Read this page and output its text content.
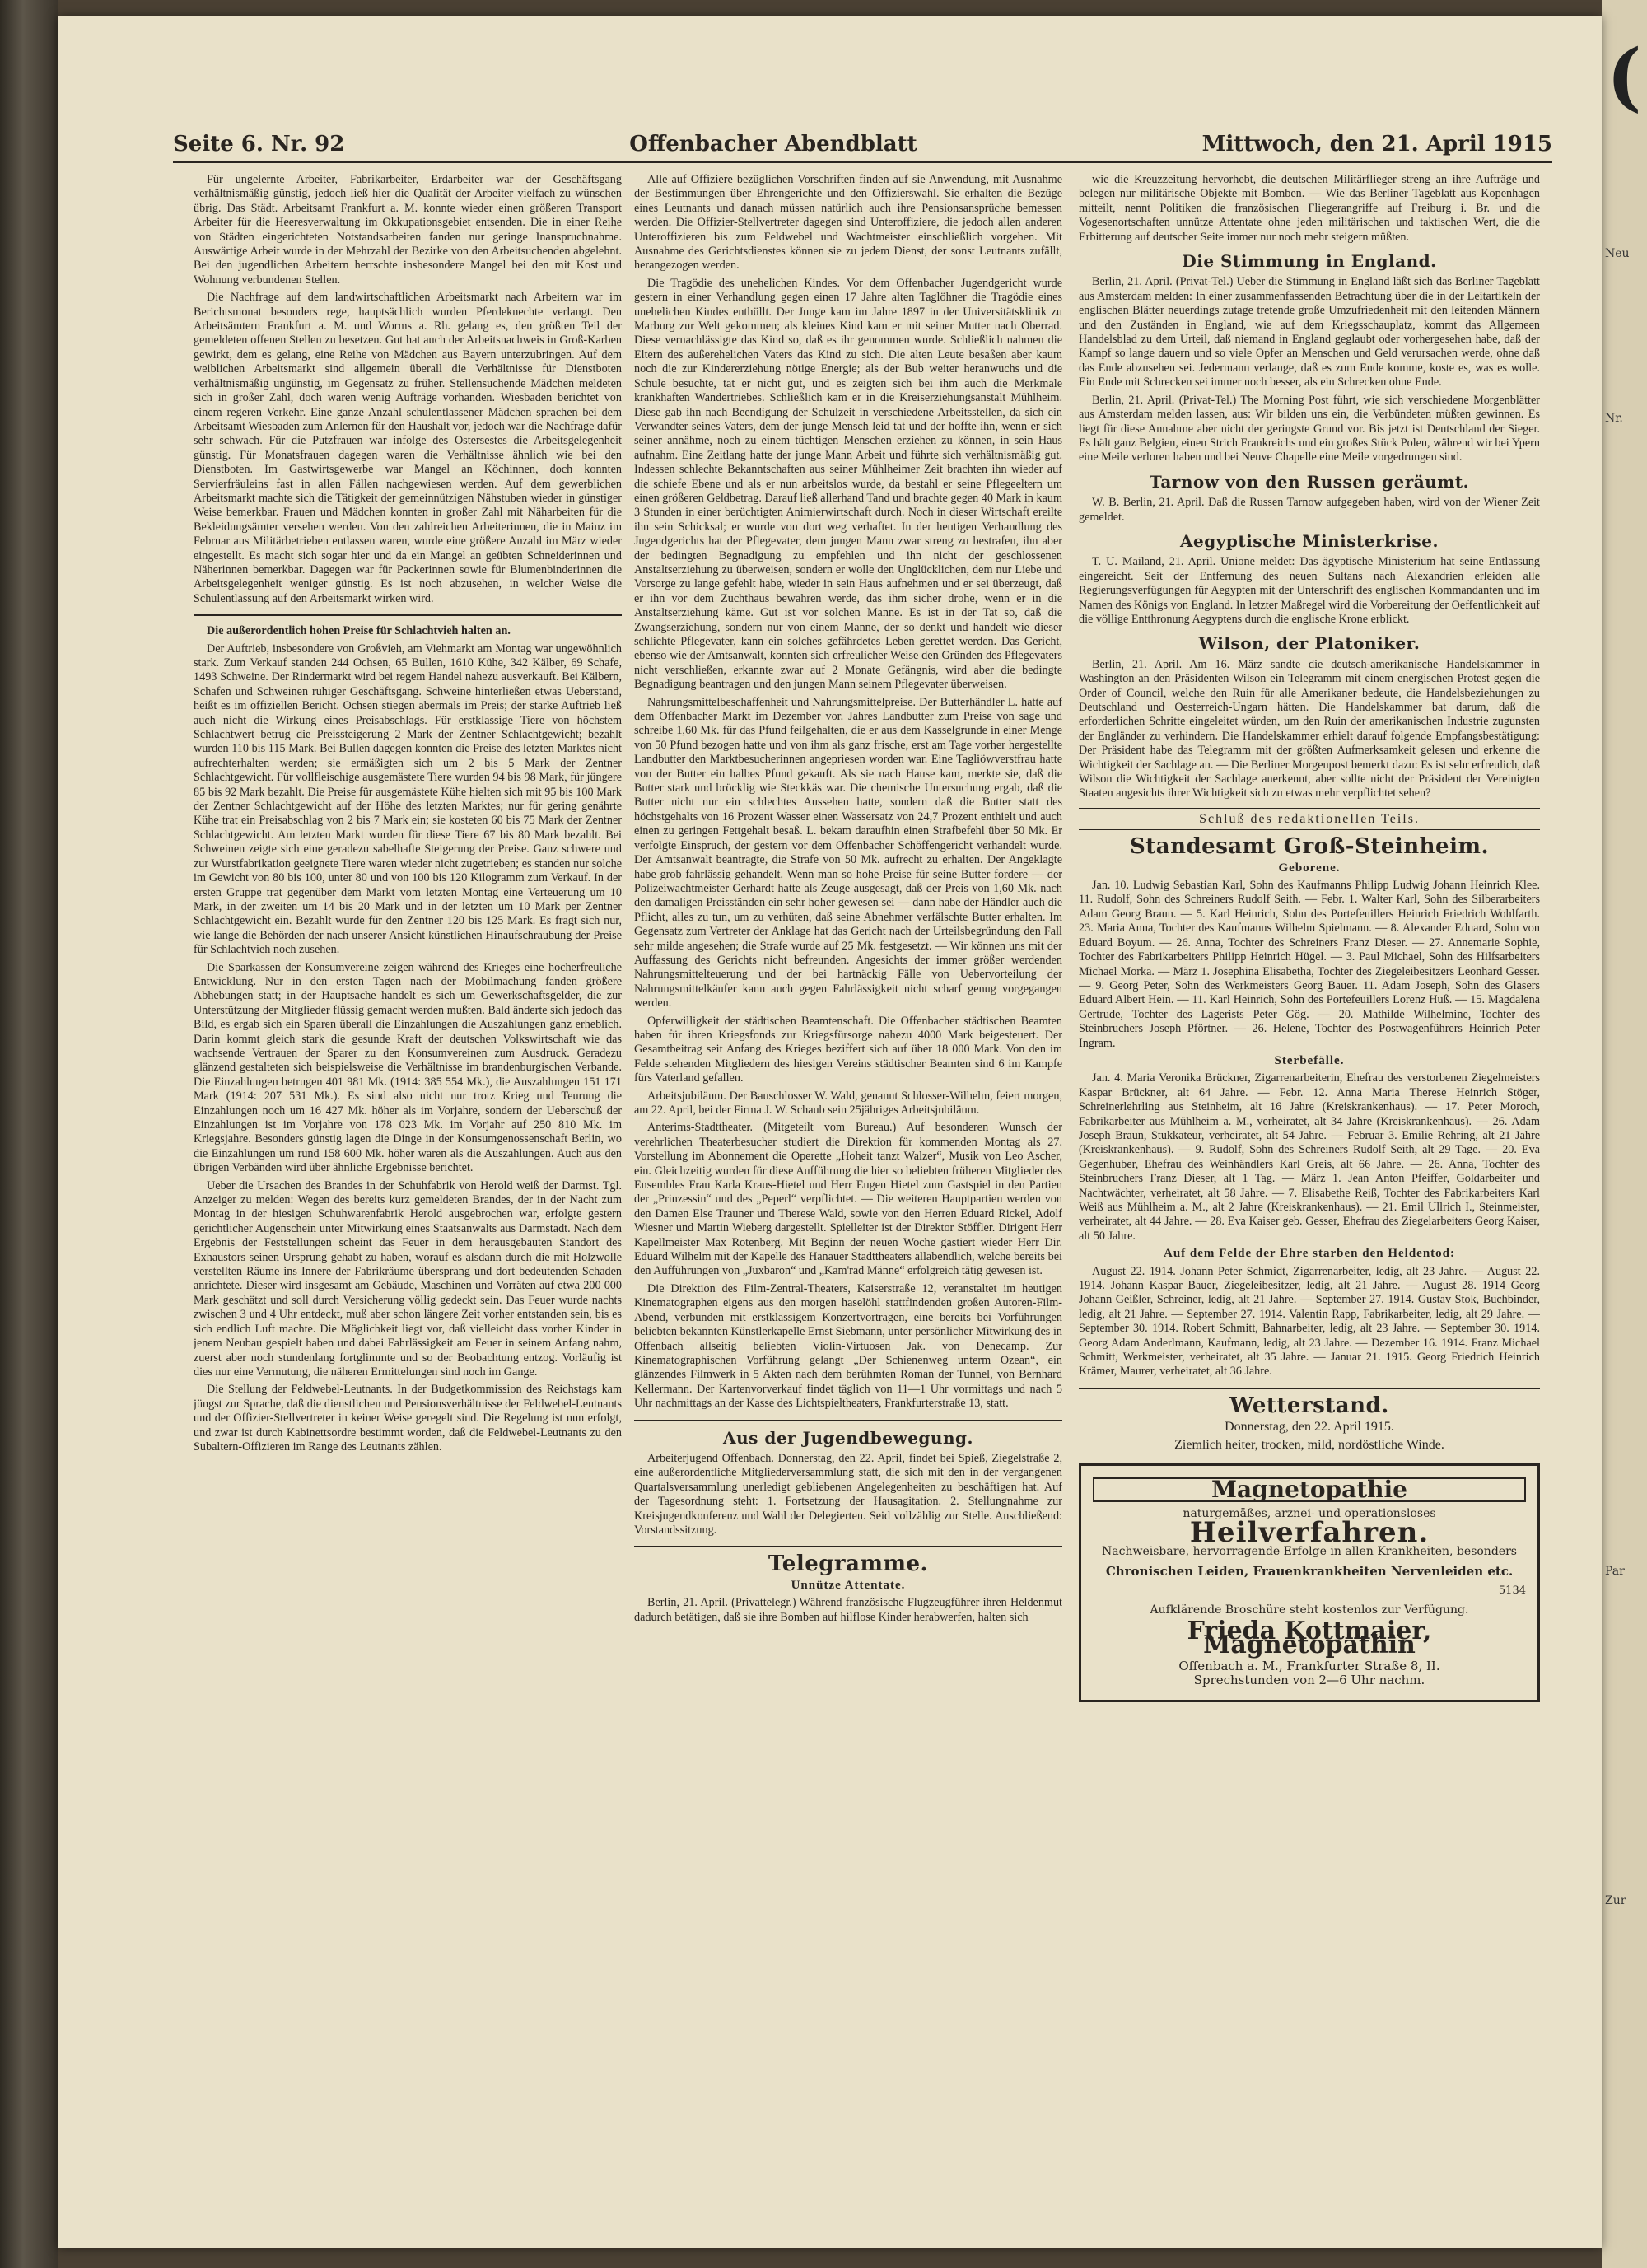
(
Neu
Nr.
Par
Zur
Seite 6. Nr. 92	Offenbacher Abendblatt	Mittwoch, den 21. April 1915

Für ungelernte Arbeiter, Fabrikarbeiter, Erdarbeiter war der Geschäftsgang verhältnismäßig günstig, jedoch ließ hier die Qualität der Arbeiter vielfach zu wünschen übrig. Das Städt. Arbeitsamt Frankfurt a. M. konnte wieder einen größeren Transport Arbeiter für die Heeresverwaltung im Okkupationsgebiet entsenden. Die in einer Reihe von Städten eingerichteten Notstandsarbeiten fanden nur geringe Inanspruchnahme. Auswärtige Arbeit wurde in der Mehrzahl der Bezirke von den Arbeitsuchenden abgelehnt. Bei den jugendlichen Arbeitern herrschte insbesondere Mangel bei den mit Kost und Wohnung verbundenen Stellen.

Die Nachfrage auf dem landwirtschaftlichen Arbeitsmarkt nach Arbeitern war im Berichtsmonat besonders rege, hauptsächlich wurden Pferdeknechte verlangt. Den Arbeitsämtern Frankfurt a. M. und Worms a. Rh. gelang es, den größten Teil der gemeldeten offenen Stellen zu besetzen. Gut hat auch der Arbeitsnachweis in Groß-Karben gewirkt, dem es gelang, eine Reihe von Mädchen aus Bayern unterzubringen. Auf dem weiblichen Arbeitsmarkt sind allgemein überall die Verhältnisse für Dienstboten verhältnismäßig ungünstig, im Gegensatz zu früher. Stellensuchende Mädchen meldeten sich in großer Zahl, doch waren wenig Aufträge vorhanden. Wiesbaden berichtet von einem regeren Verkehr. Eine ganze Anzahl schulentlassener Mädchen sprachen bei dem Arbeitsamt Wiesbaden zum Anlernen für den Haushalt vor, jedoch war die Nachfrage dafür sehr schwach. Für die Putzfrauen war infolge des Ostersestes die Arbeitsgelegenheit günstig. Für Monatsfrauen dagegen waren die Verhältnisse ähnlich wie bei den Dienstboten. Im Gastwirtsgewerbe war Mangel an Köchinnen, doch konnten Servierfräuleins fast in allen Fällen nachgewiesen werden. Auf dem gewerblichen Arbeitsmarkt machte sich die Tätigkeit der gemeinnützigen Nähstuben wieder in günstiger Weise bemerkbar. Frauen und Mädchen konnten in großer Zahl mit Näharbeiten für die Bekleidungsämter versehen werden. Von den zahlreichen Arbeiterinnen, die in Mainz im Februar aus Militärbetrieben entlassen waren, wurde eine größere Anzahl im März wieder eingestellt. Es macht sich sogar hier und da ein Mangel an geübten Schneiderinnen und Näherinnen bemerkbar. Dagegen war für Packerinnen sowie für Blumenbinderinnen die Arbeitsgelegenheit weniger günstig. Es ist noch abzusehen, in welcher Weise die Schulentlassung auf den Arbeitsmarkt wirken wird.

Die außerordentlich hohen Preise für Schlachtvieh halten an.

Der Auftrieb, insbesondere von Großvieh, am Viehmarkt am Montag war ungewöhnlich stark. Zum Verkauf standen 244 Ochsen, 65 Bullen, 1610 Kühe, 342 Kälber, 69 Schafe, 1493 Schweine. Der Rindermarkt wird bei regem Handel nahezu ausverkauft. Bei Kälbern, Schafen und Schweinen ruhiger Geschäftsgang. Schweine hinterließen etwas Ueberstand, heißt es im offiziellen Bericht. Ochsen stiegen abermals im Preis; der starke Auftrieb ließ auch nicht die Wirkung eines Preisabschlags. Für erstklassige Tiere von höchstem Schlachtwert betrug die Preissteigerung 2 Mark der Zentner Schlachtgewicht; bezahlt wurden 110 bis 115 Mark. Bei Bullen dagegen konnten die Preise des letzten Marktes nicht aufrechterhalten werden; sie ermäßigten sich um 2 bis 5 Mark der Zentner Schlachtgewicht. Für vollfleischige ausgemästete Tiere wurden 94 bis 98 Mark, für jüngere 85 bis 92 Mark bezahlt. Die Preise für ausgemästete Kühe hielten sich mit 95 bis 100 Mark der Zentner Schlachtgewicht auf der Höhe des letzten Marktes; nur für gering genährte Kühe trat ein Preisabschlag von 2 bis 7 Mark ein; sie kosteten 60 bis 75 Mark der Zentner Schlachtgewicht. Am letzten Markt wurden für diese Tiere 67 bis 80 Mark bezahlt. Bei Schweinen zeigte sich eine geradezu sabelhafte Steigerung der Preise. Ganz schwere und zur Wurstfabrikation geeignete Tiere waren wieder nicht zugetrieben; es standen nur solche im Gewicht von 80 bis 100, unter 80 und von 100 bis 120 Kilogramm zum Verkauf. In der ersten Gruppe trat gegenüber dem Markt vom letzten Montag eine Verteuerung um 10 Mark, in der zweiten um 14 bis 20 Mark und in der letzten um 10 Mark per Zentner Schlachtgewicht ein. Bezahlt wurde für den Zentner 120 bis 125 Mark. Es fragt sich nur, wie lange die Behörden der nach unserer Ansicht künstlichen Hinaufschraubung der Preise für Schlachtvieh noch zusehen.

Die Sparkassen der Konsumvereine zeigen während des Krieges eine hocherfreuliche Entwicklung. Nur in den ersten Tagen nach der Mobilmachung fanden größere Abhebungen statt; in der Hauptsache handelt es sich um Gewerkschaftsgelder, die zur Unterstützung der Mitglieder flüssig gemacht werden mußten. Bald änderte sich jedoch das Bild, es ergab sich ein Sparen überall die Einzahlungen die Auszahlungen ganz erheblich. Darin kommt gleich stark die gesunde Kraft der deutschen Volkswirtschaft wie das wachsende Vertrauen der Sparer zu den Konsumvereinen zum Ausdruck. Geradezu glänzend gestalteten sich beispielsweise die Verhältnisse im brandenburgischen Verbande. Die Einzahlungen betrugen 401 981 Mk. (1914: 385 554 Mk.), die Auszahlungen 151 171 Mark (1914: 207 531 Mk.). Es sind also nicht nur trotz Krieg und Teurung die Einzahlungen noch um 16 427 Mk. höher als im Vorjahre, sondern der Ueberschuß der Einzahlungen ist im Vorjahre von 178 023 Mk. im Vorjahr auf 250 810 Mk. im Kriegsjahre. Besonders günstig lagen die Dinge in der Konsumgenossenschaft Berlin, wo die Einzahlungen um rund 158 600 Mk. höher waren als die Auszahlungen. Auch aus den übrigen Verbänden wird über ähnliche Ergebnisse berichtet.

Ueber die Ursachen des Brandes in der Schuhfabrik von Herold weiß der Darmst. Tgl. Anzeiger zu melden: Wegen des bereits kurz gemeldeten Brandes, der in der Nacht zum Montag in der hiesigen Schuhwarenfabrik Herold ausgebrochen war, erfolgte gestern gerichtlicher Augenschein unter Mitwirkung eines Staatsanwalts aus Darmstadt. Nach dem Ergebnis der Feststellungen scheint das Feuer in dem herausgebauten Standort des Exhaustors seinen Ursprung gehabt zu haben, worauf es alsdann durch die mit Holzwolle verstellten Räume ins Innere der Fabrikräume übersprang und dort bedeutenden Schaden anrichtete. Dieser wird insgesamt am Gebäude, Maschinen und Vorräten auf etwa 200 000 Mark geschätzt und soll durch Versicherung völlig gedeckt sein. Das Feuer wurde nachts zwischen 3 und 4 Uhr entdeckt, muß aber schon längere Zeit vorher entstanden sein, bis es sich endlich Luft machte. Die Möglichkeit liegt vor, daß vielleicht dass vorher Kinder in jenem Neubau gespielt haben und dabei Fahrlässigkeit am Feuer in seinem Anfang nahm, zuerst aber noch stundenlang fortglimmte und so der Beobachtung entzog. Vorläufig ist dies nur eine Vermutung, die näheren Ermittelungen sind noch im Gange.

Die Stellung der Feldwebel-Leutnants. In der Budgetkommission des Reichstags kam jüngst zur Sprache, daß die dienstlichen und Pensionsverhältnisse der Feldwebel-Leutnants und der Offizier-Stellvertreter in keiner Weise geregelt sind. Die Regelung ist nun erfolgt, und zwar ist durch Kabinettsordre bestimmt worden, daß die Feldwebel-Leutnants zu den Subaltern-Offizieren im Range des Leutnants zählen.

Alle auf Offiziere bezüglichen Vorschriften finden auf sie Anwendung, mit Ausnahme der Bestimmungen über Ehrengerichte und den Offizierswahl. Sie erhalten die Bezüge eines Leutnants und danach müssen natürlich auch ihre Pensionsansprüche bemessen werden. Die Offizier-Stellvertreter dagegen sind Unteroffiziere, die jedoch allen anderen Unteroffizieren bis zum Feldwebel und Wachtmeister einschließlich vorgehen. Mit Ausnahme des Gerichtsdienstes können sie zu jedem Dienst, der sonst Leutnants zufällt, herangezogen werden.

Die Tragödie des unehelichen Kindes. Vor dem Offenbacher Jugendgericht wurde gestern in einer Verhandlung gegen einen 17 Jahre alten Taglöhner die Tragödie eines unehelichen Kindes enthüllt. Der Junge kam im Jahre 1897 in der Universitätsklinik zu Marburg zur Welt gekommen; als kleines Kind kam er mit seiner Mutter nach Oberrad. Diese vernachlässigte das Kind so, daß es ihr genommen wurde. Schließlich nahmen die Eltern des außerehelichen Vaters das Kind zu sich. Die alten Leute besaßen aber kaum noch die zur Kindererziehung nötige Energie; als der Bub weiter heranwuchs und die Schule besuchte, tat er nicht gut, und es zeigten sich bei ihm auch die Merkmale krankhaften Wandertriebes. Schließlich kam er in die Kreiserziehungsanstalt Mühlheim. Diese gab ihn nach Beendigung der Schulzeit in verschiedene Arbeitsstellen, da sich ein Verwandter seines Vaters, dem der junge Mensch leid tat und der hoffte ihn, wenn er sich seiner annähme, noch zu einem tüchtigen Menschen erziehen zu können, in sein Haus aufnahm. Eine Zeitlang hatte der junge Mann Arbeit und führte sich verhältnismäßig gut. Indessen schlechte Bekanntschaften aus seiner Mühlheimer Zeit brachten ihn wieder auf die schiefe Ebene und als er nun arbeitslos wurde, da bestahl er seine Pflegeeltern um einen größeren Geldbetrag. Darauf ließ allerhand Tand und brachte gegen 40 Mark in kaum 3 Stunden in einer berüchtigten Animierwirtschaft durch. Noch in dieser Wirtschaft ereilte ihn sein Schicksal; er wurde von dort weg verhaftet. In der heutigen Verhandlung des Jugendgerichts hat der Pflegevater, dem jungen Mann zwar streng zu bestrafen, ihn aber der bedingten Begnadigung zu empfehlen und ihn nicht der geschlossenen Anstaltserziehung zu überweisen, sondern er wolle den Unglücklichen, dem nur Liebe und Vorsorge zu lange gefehlt habe, wieder in sein Haus aufnehmen und er sei überzeugt, daß er ihn vor dem Zuchthaus bewahren werde, das ihm sicher drohe, wenn er in die Anstaltserziehung käme. Gut ist vor solchen Manne. Es ist in der Tat so, daß die Zwangserziehung, sondern nur von einem Manne, der so denkt und handelt wie dieser schlichte Pflegevater, kann ein solches gefährdetes Leben gerettet werden. Das Gericht, ebenso wie der Amtsanwalt, konnten sich erfreulicher Weise den Gründen des Pflegevaters nicht verschließen, erkannte zwar auf 2 Monate Gefängnis, wird aber die bedingte Begnadigung beantragen und den jungen Mann seinem Pflegevater überweisen.

Nahrungsmittelbeschaffenheit und Nahrungsmittelpreise. Der Butterhändler L. hatte auf dem Offenbacher Markt im Dezember vor. Jahres Landbutter zum Preise von sage und schreibe 1,60 Mk. für das Pfund feilgehalten, die er aus dem Kasselgrunde in einer Menge von 50 Pfund bezogen hatte und von ihm als ganz frische, erst am Tage vorher hergestellte Landbutter den Marktbesucherinnen angepriesen worden war. Eine Tagliöwverstfrau hatte von der Butter ein halbes Pfund gekauft. Als sie nach Hause kam, merkte sie, daß die Butter stark und bröcklig wie Steckkäs war. Die chemische Untersuchung ergab, daß die Butter nicht nur ein schlechtes Aussehen hatte, sondern daß die Butter statt des höchstgehalts von 16 Prozent Wasser einen Wassersatz von 24,7 Prozent enthielt und auch einen zu geringen Fettgehalt besaß. L. bekam daraufhin einen Strafbefehl über 50 Mk. Er verfolgte Einspruch, der gestern vor dem Offenbacher Schöffengericht verhandelt wurde. Der Amtsanwalt beantragte, die Strafe von 50 Mk. aufrecht zu erhalten. Der Angeklagte habe grob fahrlässig gehandelt. Wenn man so hohe Preise für seine Butter fordere — der Polizeiwachtmeister Gerhardt hatte als Zeuge ausgesagt, daß der Preis von 1,60 Mk. nach den damaligen Preisständen ein sehr hoher gewesen sei — dann habe der Händler auch die Pflicht, alles zu tun, um zu verhüten, daß seine Abnehmer verfälschte Butter erhalten. Im Gegensatz zum Vertreter der Anklage hat das Gericht nach der Urteilsbegründung den Fall sehr milde angesehen; die Strafe wurde auf 25 Mk. festgesetzt. — Wir können uns mit der Auffassung des Gerichts nicht befreunden. Angesichts der immer größer werdenden Nahrungsmittelteuerung und der bei hartnäckig Fälle von Uebervorteilung der Nahrungsmittelkäufer kann auch gegen Fahrlässigkeit nicht scharf genug vorgegangen werden.

Opferwilligkeit der städtischen Beamtenschaft. Die Offenbacher städtischen Beamten haben für ihren Kriegsfonds zur Kriegsfürsorge nahezu 4000 Mark beigesteuert. Der Gesamtbeitrag seit Anfang des Krieges beziffert sich auf über 18 000 Mark. Von den im Felde stehenden Mitgliedern des hiesigen Vereins städtischer Beamten sind 6 im Kampfe fürs Vaterland gefallen.

Arbeitsjubiläum. Der Bauschlosser W. Wald, genannt Schlosser-Wilhelm, feiert morgen, am 22. April, bei der Firma J. W. Schaub sein 25jähriges Arbeitsjubiläum.

Anterims-Stadttheater. (Mitgeteilt vom Bureau.) Auf besonderen Wunsch der verehrlichen Theaterbesucher studiert die Direktion für kommenden Montag als 27. Vorstellung im Abonnement die Operette „Hoheit tanzt Walzer“, Musik von Leo Ascher, ein. Gleichzeitig wurden für diese Aufführung die hier so beliebten früheren Mitglieder des Ensembles Frau Karla Kraus-Hietel und Herr Eugen Hietel zum Gastspiel in den Partien der „Prinzessin“ und des „Peperl“ verpflichtet. — Die weiteren Hauptpartien werden von den Damen Else Trauner und Therese Wald, sowie von den Herren Eduard Rickel, Adolf Wiesner und Martin Wieberg dargestellt. Spielleiter ist der Direktor Stöffler. Dirigent Herr Kapellmeister Max Rotenberg. Mit Beginn der neuen Woche gastiert wieder Herr Dir. Eduard Wilhelm mit der Kapelle des Hanauer Stadttheaters allabendlich, welche bereits bei den Aufführungen von „Juxbaron“ und „Kam'rad Männe“ erfolgreich tätig gewesen ist.

Die Direktion des Film-Zentral-Theaters, Kaiserstraße 12, veranstaltet im heutigen Kinematographen eigens aus den morgen haselöhl stattfindenden großen Autoren-Film-Abend, verbunden mit erstklassigem Konzertvortragen, eine bereits bei Vorführungen beliebten bekannten Künstlerkapelle Ernst Siebmann, unter persönlicher Mitwirkung des in Offenbach allseitig beliebten Violin-Virtuosen Jak. von Denecamp. Zur Kinematographischen Vorführung gelangt „Der Schienenweg unterm Ozean“, ein glänzendes Filmwerk in 5 Akten nach dem berühmten Roman der Tunnel, von Bernhard Kellermann. Der Kartenvorverkauf findet täglich von 11—1 Uhr vormittags und nach 5 Uhr nachmittags an der Kasse des Lichtspieltheaters, Frankfurterstraße 13, statt.

Aus der Jugendbewegung.

Arbeiterjugend Offenbach. Donnerstag, den 22. April, findet bei Spieß, Ziegelstraße 2, eine außerordentliche Mitgliederversammlung statt, die sich mit den in der vergangenen Quartalsversammlung unerledigt gebliebenen Angelegenheiten zu beschäftigen hat. Auf der Tagesordnung steht: 1. Fortsetzung der Hausagitation. 2. Stellungnahme zur Kreisjugendkonferenz und Wahl der Delegierten. Seid vollzählig zur Stelle. Anschließend: Vorstandssitzung.

Telegramme.
Unnütze Attentate.

Berlin, 21. April. (Privattelegr.) Während französische Flugzeugführer ihren Heldenmut dadurch betätigen, daß sie ihre Bomben auf hilflose Kinder herabwerfen, halten sich

wie die Kreuzzeitung hervorhebt, die deutschen Militärflieger streng an ihre Aufträge und belegen nur militärische Objekte mit Bomben. — Wie das Berliner Tageblatt aus Kopenhagen mitteilt, nennt Politiken die französischen Fliegerangriffe auf Freiburg i. Br. und die Vogesenortschaften unnütze Attentate ohne jeden militärischen und taktischen Wert, die die Erbitterung auf deutscher Seite immer nur noch mehr steigern müßten.

Die Stimmung in England.

Berlin, 21. April. (Privat-Tel.) Ueber die Stimmung in England läßt sich das Berliner Tageblatt aus Amsterdam melden: In einer zusammenfassenden Betrachtung über die in der Leitartikeln der englischen Blätter neuerdings zutage tretende große Umzufriedenheit mit den leitenden Männern und den Zuständen in England, wie auf dem Kriegsschauplatz, kommt das Allgemeen Handelsblad zu dem Urteil, daß niemand in England geglaubt oder vorhergesehen habe, daß der Kampf so lange dauern und so viele Opfer an Menschen und Geld verursachen werde, ohne daß das Ende abzusehen sei. Jedermann verlange, daß es zum Ende komme, koste es, was es wolle. Ein Ende mit Schrecken sei immer noch besser, als ein Schrecken ohne Ende.

Berlin, 21. April. (Privat-Tel.) The Morning Post führt, wie sich verschiedene Morgenblätter aus Amsterdam melden lassen, aus: Wir bilden uns ein, die Verbündeten müßten gewinnen. Es liegt für diese Annahme aber nicht der geringste Grund vor. Bis jetzt ist Deutschland der Sieger. Es hält ganz Belgien, einen Strich Frankreichs und ein großes Stück Polen, während wir bei Ypern eine Meile verloren haben und bei Neuve Chapelle eine Meile vorgedrungen sind.

Tarnow von den Russen geräumt.

W. B. Berlin, 21. April. Daß die Russen Tarnow aufgegeben haben, wird von der Wiener Zeit gemeldet.

Aegyptische Ministerkrise.

T. U. Mailand, 21. April. Unione meldet: Das ägyptische Ministerium hat seine Entlassung eingereicht. Seit der Entfernung des neuen Sultans nach Alexandrien erleiden alle Regierungsverfügungen für Aegypten mit der Unterschrift des englischen Kommandanten und im Namen des Königs von England. In letzter Maßregel wird die Vorbereitung der Oeffentlichkeit auf die völlige Entthronung Aegyptens durch die englische Krone erblickt.

Wilson, der Platoniker.

Berlin, 21. April. Am 16. März sandte die deutsch-amerikanische Handelskammer in Washington an den Präsidenten Wilson ein Telegramm mit einem energischen Protest gegen die Order of Council, welche den Ruin für alle Amerikaner bedeute, die Handelsbeziehungen zu Deutschland und Oesterreich-Ungarn hätten. Die Handelskammer bat darum, daß die erforderlichen Schritte eingeleitet würden, um den Ruin der amerikanischen Industrie zugunsten der Engländer zu verhindern. Die Handelskammer erhielt darauf folgende Empfangsbestätigung: Der Präsident habe das Telegramm mit der größten Aufmerksamkeit gelesen und erkenne die Wichtigkeit der Sachlage an. — Die Berliner Morgenpost bemerkt dazu: Es ist sehr erfreulich, daß Wilson die Wichtigkeit der Sachlage anerkennt, aber sollte nicht der Präsident der Vereinigten Staaten angesichts ihrer Wichtigkeit sich zu etwas mehr verpflichtet sehen?

Schluß des redaktionellen Teils.
Standesamt Groß-Steinheim.
Geborene.

Jan. 10. Ludwig Sebastian Karl, Sohn des Kaufmanns Philipp Ludwig Johann Heinrich Klee. 11. Rudolf, Sohn des Schreiners Rudolf Seith. — Febr. 1. Walter Karl, Sohn des Silberarbeiters Adam Georg Braun. — 5. Karl Heinrich, Sohn des Portefeuillers Heinrich Friedrich Wohlfarth. 23. Maria Anna, Tochter des Kaufmanns Wilhelm Spielmann. — 8. Alexander Eduard, Sohn von Eduard Boyum. — 26. Anna, Tochter des Schreiners Franz Dieser. — 27. Annemarie Sophie, Tochter des Fabrikarbeiters Philipp Heinrich Hügel. — 3. Paul Michael, Sohn des Hilfsarbeiters Michael Morka. — März 1. Josephina Elisabetha, Tochter des Ziegeleibesitzers Leonhard Gesser. — 9. Georg Peter, Sohn des Werkmeisters Georg Bauer. 11. Adam Joseph, Sohn des Glasers Eduard Albert Hein. — 11. Karl Heinrich, Sohn des Portefeuillers Lorenz Huß. — 15. Magdalena Gertrude, Tochter des Lagerists Peter Gög. — 20. Mathilde Wilhelmine, Tochter des Steinbruchers Joseph Pförtner. — 26. Helene, Tochter des Postwagenführers Heinrich Peter Ingram.

Sterbefälle.

Jan. 4. Maria Veronika Brückner, Zigarrenarbeiterin, Ehefrau des verstorbenen Ziegelmeisters Kaspar Brückner, alt 64 Jahre. — Febr. 12. Anna Maria Therese Heinrich Stöger, Schreinerlehrling aus Steinheim, alt 16 Jahre (Kreiskrankenhaus). — 17. Peter Moroch, Fabrikarbeiter aus Mühlheim a. M., verheiratet, alt 34 Jahre (Kreiskrankenhaus). — 26. Adam Joseph Braun, Stukkateur, verheiratet, alt 54 Jahre. — Februar 3. Emilie Rehring, alt 21 Jahre (Kreiskrankenhaus). — 9. Rudolf, Sohn des Schreiners Rudolf Seith, alt 29 Tage. — 20. Eva Gegenhuber, Ehefrau des Weinhändlers Karl Greis, alt 66 Jahre. — 26. Anna, Tochter des Steinbruchers Franz Dieser, alt 1 Tag. — März 1. Jean Anton Pfeiffer, Goldarbeiter und Nachtwächter, verheiratet, alt 58 Jahre. — 7. Elisabethe Reiß, Tochter des Fabrikarbeiters Karl Weiß aus Mühlheim a. M., alt 2 Jahre (Kreiskrankenhaus). — 21. Emil Ullrich I., Steinmeister, verheiratet, alt 44 Jahre. — 28. Eva Kaiser geb. Gesser, Ehefrau des Ziegelarbeiters Georg Kaiser, alt 50 Jahre.

Auf dem Felde der Ehre starben den Heldentod:

August 22. 1914. Johann Peter Schmidt, Zigarrenarbeiter, ledig, alt 23 Jahre. — August 22. 1914. Johann Kaspar Bauer, Ziegeleibesitzer, ledig, alt 21 Jahre. — August 28. 1914 Georg Johann Geißler, Schreiner, ledig, alt 21 Jahre. — September 27. 1914. Gustav Stok, Buchbinder, ledig, alt 21 Jahre. — September 27. 1914. Valentin Rapp, Fabrikarbeiter, ledig, alt 29 Jahre. — September 30. 1914. Robert Schmitt, Bahnarbeiter, ledig, alt 23 Jahre. — September 30. 1914. Georg Adam Anderlmann, Kaufmann, ledig, alt 23 Jahre. — Dezember 16. 1914. Franz Michael Schmitt, Werkmeister, verheiratet, alt 35 Jahre. — Januar 21. 1915. Georg Friedrich Heinrich Krämer, Maurer, verheiratet, alt 36 Jahre.

Wetterstand.
Donnerstag, den 22. April 1915.
Ziemlich heiter, trocken, mild, nordöstliche Winde.
Magnetopathie
naturgemäßes, arznei- und operationsloses
Heilverfahren.
Nachweisbare, hervorragende Erfolge in allen Krankheiten, besonders
Chronischen Leiden, Frauenkrankheiten Nervenleiden etc.
5134
Aufklärende Broschüre steht kostenlos zur Verfügung.
Frieda Kottmaier, Magnetopathin
Offenbach a. M., Frankfurter Straße 8, II.
Sprechstunden von 2—6 Uhr nachm.
